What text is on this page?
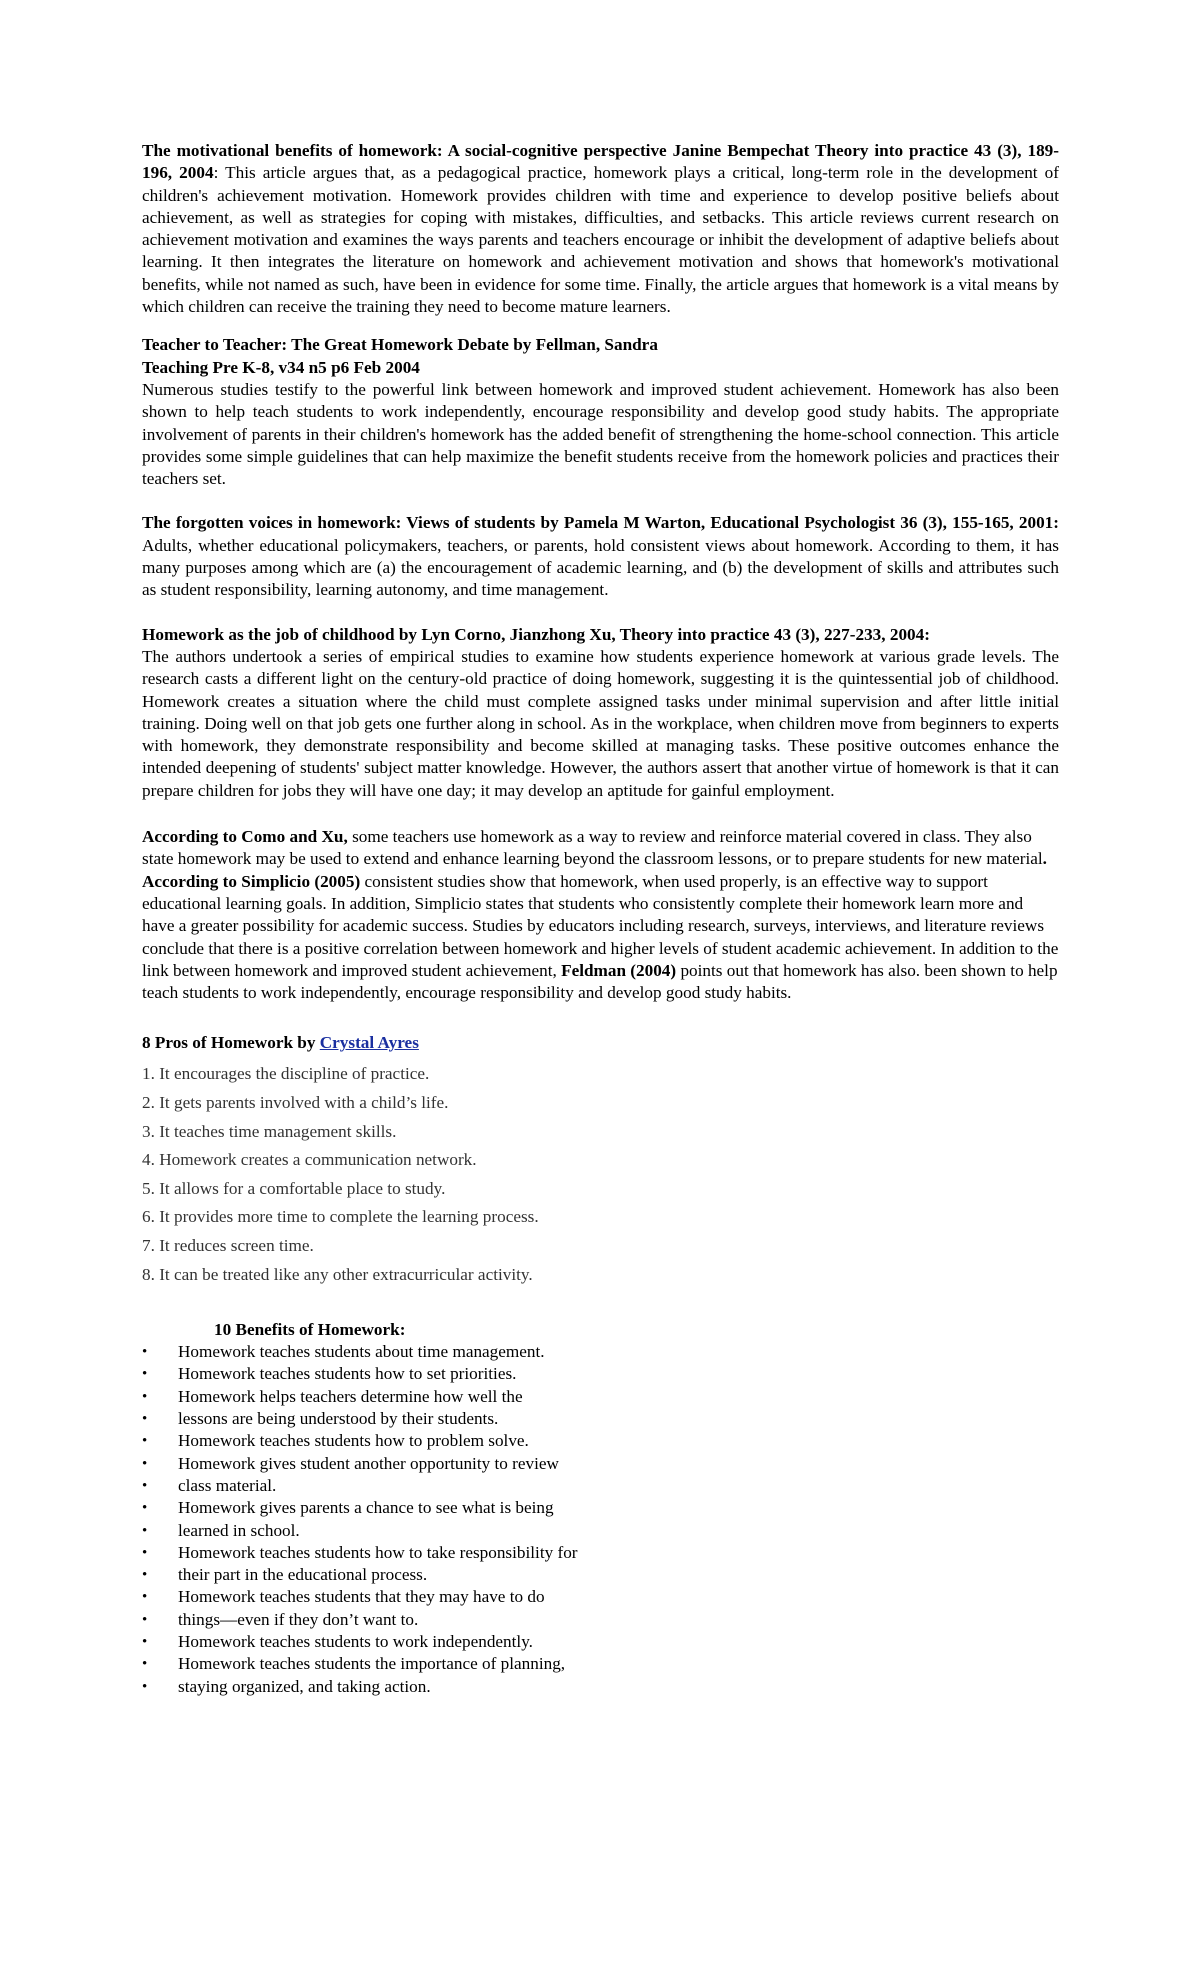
The motivational benefits of homework: A social-cognitive perspective Janine Bempechat Theory into practice 43 (3), 189-196, 2004: This article argues that, as a pedagogical practice, homework plays a critical, long-term role in the development of children's achievement motivation. Homework provides children with time and experience to develop positive beliefs about achievement, as well as strategies for coping with mistakes, difficulties, and setbacks. This article reviews current research on achievement motivation and examines the ways parents and teachers encourage or inhibit the development of adaptive beliefs about learning. It then integrates the literature on homework and achievement motivation and shows that homework's motivational benefits, while not named as such, have been in evidence for some time. Finally, the article argues that homework is a vital means by which children can receive the training they need to become mature learners.

Teacher to Teacher: The Great Homework Debate by Fellman, Sandra
Teaching Pre K-8, v34 n5 p6 Feb 2004
Numerous studies testify to the powerful link between homework and improved student achievement. Homework has also been shown to help teach students to work independently, encourage responsibility and develop good study habits. The appropriate involvement of parents in their children's homework has the added benefit of strengthening the home-school connection. This article provides some simple guidelines that can help maximize the benefit students receive from the homework policies and practices their teachers set.

The forgotten voices in homework: Views of students by Pamela M Warton, Educational Psychologist 36 (3), 155-165, 2001: Adults, whether educational policymakers, teachers, or parents, hold consistent views about homework. According to them, it has many purposes among which are (a) the encouragement of academic learning, and (b) the development of skills and attributes such as student responsibility, learning autonomy, and time management.

Homework as the job of childhood by Lyn Corno, Jianzhong Xu, Theory into practice 43 (3), 227-233, 2004:
The authors undertook a series of empirical studies to examine how students experience homework at various grade levels. The research casts a different light on the century-old practice of doing homework, suggesting it is the quintessential job of childhood. Homework creates a situation where the child must complete assigned tasks under minimal supervision and after little initial training. Doing well on that job gets one further along in school. As in the workplace, when children move from beginners to experts with homework, they demonstrate responsibility and become skilled at managing tasks. These positive outcomes enhance the intended deepening of students' subject matter knowledge. However, the authors assert that another virtue of homework is that it can prepare children for jobs they will have one day; it may develop an aptitude for gainful employment.

According to Como and Xu, some teachers use homework as a way to review and reinforce material covered in class. They also state homework may be used to extend and enhance learning beyond the classroom lessons, or to prepare students for new material. According to Simplicio (2005) consistent studies show that homework, when used properly, is an effective way to support educational learning goals. In addition, Simplicio states that students who consistently complete their homework learn more and have a greater possibility for academic success. Studies by educators including research, surveys, interviews, and literature reviews conclude that there is a positive correlation between homework and higher levels of student academic achievement. In addition to the link between homework and improved student achievement, Feldman (2004) points out that homework has also. been shown to help teach students to work independently, encourage responsibility and develop good study habits.

8 Pros of Homework by Crystal Ayres

1. It encourages the discipline of practice.
2. It gets parents involved with a child’s life.
3. It teaches time management skills.
4. Homework creates a communication network.
5. It allows for a comfortable place to study.
6. It provides more time to complete the learning process.
7. It reduces screen time.
8. It can be treated like any other extracurricular activity.

10 Benefits of Homework:

• Homework teaches students about time management.
• Homework teaches students how to set priorities.
• Homework helps teachers determine how well the
• lessons are being understood by their students.
• Homework teaches students how to problem solve.
• Homework gives student another opportunity to review
• class material.
• Homework gives parents a chance to see what is being
• learned in school.
• Homework teaches students how to take responsibility for
• their part in the educational process.
• Homework teaches students that they may have to do
• things—even if they don’t want to.
• Homework teaches students to work independently.
• Homework teaches students the importance of planning,
• staying organized, and taking action.
